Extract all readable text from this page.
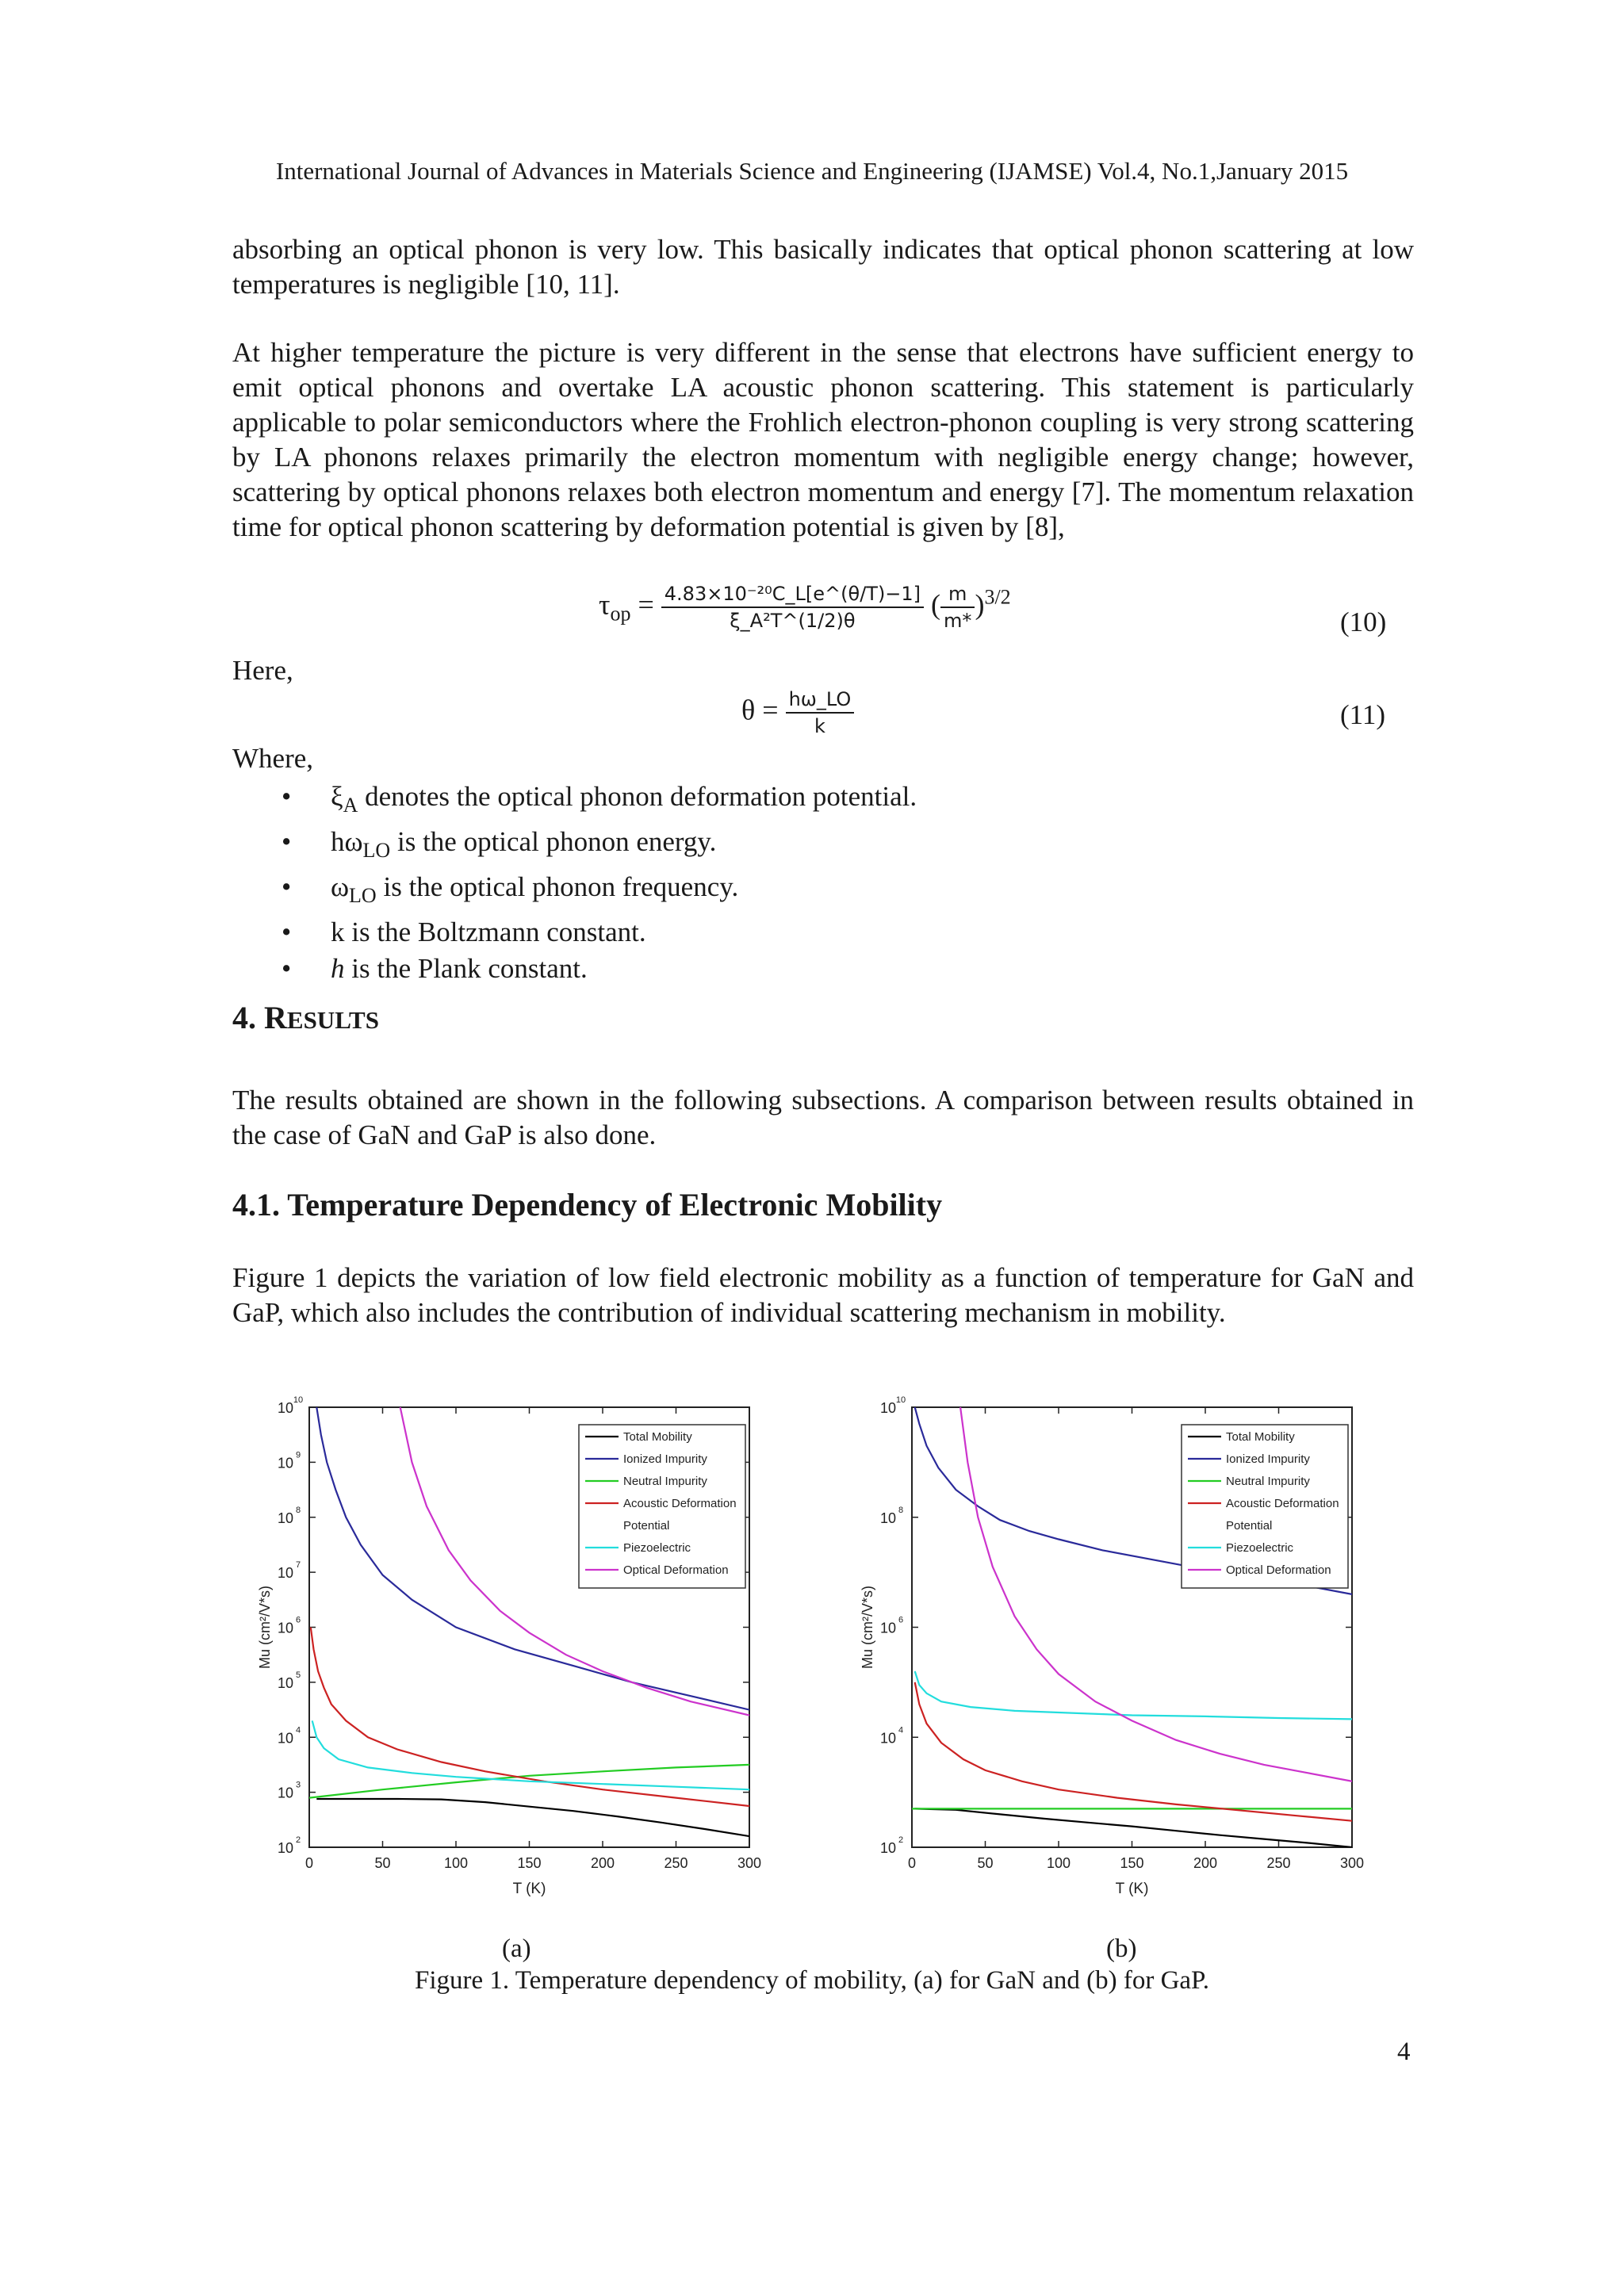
International Journal of Advances in Materials Science and Engineering (IJAMSE) Vol.4, No.1,January 2015
absorbing an optical phonon is very low. This basically indicates that optical phonon scattering at low temperatures is negligible [10, 11].
At higher temperature the picture is very different in the sense that electrons have sufficient energy to emit optical phonons and overtake LA acoustic phonon scattering. This statement is particularly applicable to polar semiconductors where the Frohlich electron-phonon coupling is very strong scattering by LA phonons relaxes primarily the electron momentum with negligible energy change; however, scattering by optical phonons relaxes both electron momentum and energy [7]. The momentum relaxation time for optical phonon scattering by deformation potential is given by [8],
$\tau_{op} = \frac{\text{4.83×10⁻²⁰C\_L[e\textasciicircum{}(θ/T)−1]}}{\text{ξ\_A²T\textasciicircum{}(1/2)θ}}$ ( $\frac{m}{m*} )^{3/2}$
(10)
Here,
$\theta = \frac{h\omega\_LO}{k}$	(11)
Where,
• $\xi_A$ denotes the optical phonon deformation potential.
• $h\omega_{LO}$ is the optical phonon energy.
• $\omega_{LO}$ is the optical phonon frequency.
• k is the Boltzmann constant.
• h is the Plank constant.
4. RESULTS
The results obtained are shown in the following subsections. A comparison between results obtained in the case of GaN and GaP is also done.
4.1. Temperature Dependency of Electronic Mobility
Figure 1 depicts the variation of low field electronic mobility as a function of temperature for GaN and GaP, which also includes the contribution of individual scattering mechanism in mobility.
0	50	100	150	200	250	300
10 2
10 3
10 4
10 5
10 6
10 7
10 8
10 9
10 10
T (K)
Mu (cm²/V*s)
Total Mobility
Ionized Impurity
Neutral Impurity
Acoustic Deformation
Potential
Piezoelectric
Optical Deformation
0	50	100	150	200	250	300
10 2
10 4
10 6
10 8
10 10
T (K)
Mu (cm²/V*s)
Total Mobility
Ionized Impurity
Neutral Impurity
Acoustic Deformation
Potential
Piezoelectric
Optical Deformation
(a)	(b)
Figure 1. Temperature dependency of mobility, (a) for GaN and (b) for GaP.
4
